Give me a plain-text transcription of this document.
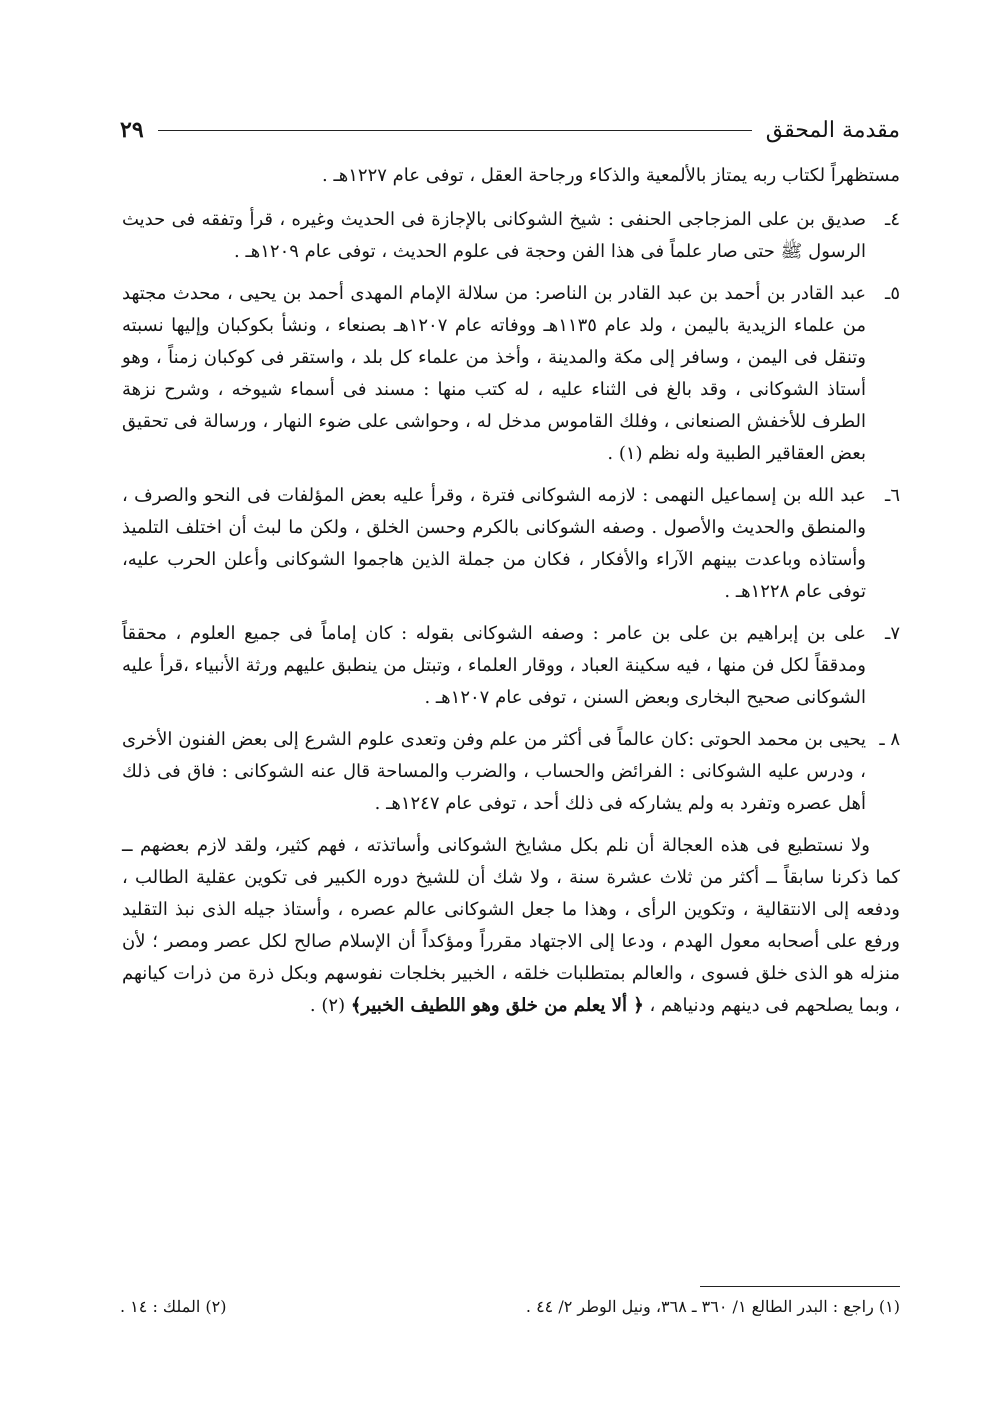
مقدمة المحقق
٢٩

مستظهراً لكتاب ربه يمتاز بالألمعية والذكاء ورجاحة العقل ، توفى عام ١٢٢٧هـ .

٤ـ

صديق بن على المزجاجى الحنفى : شيخ الشوكانى بالإجازة فى الحديث وغيره ، قرأ وتفقه فى حديث الرسول ﷺ حتى صار علماً فى هذا الفن وحجة فى علوم الحديث ، توفى عام ١٢٠٩هـ .

٥ـ

عبد القادر بن أحمد بن عبد القادر بن الناصر: من سلالة الإمام المهدى أحمد بن يحيى ، محدث مجتهد من علماء الزيدية باليمن ، ولد عام ١١٣٥هـ ووفاته عام ١٢٠٧هـ بصنعاء ، ونشأ بكوكبان وإليها نسبته وتنقل فى اليمن ، وسافر إلى مكة والمدينة ، وأخذ من علماء كل بلد ، واستقر فى كوكبان زمناً ، وهو أستاذ الشوكانى ، وقد بالغ فى الثناء عليه ، له كتب منها : مسند فى أسماء شيوخه ، وشرح نزهة الطرف للأخفش الصنعانى ، وفلك القاموس مدخل له ، وحواشى على ضوء النهار ، ورسالة فى تحقيق بعض العقاقير الطبية وله نظم (١) .

٦ـ

عبد الله بن إسماعيل النهمى : لازمه الشوكانى فترة ، وقرأ عليه بعض المؤلفات فى النحو والصرف ، والمنطق والحديث والأصول . وصفه الشوكانى بالكرم وحسن الخلق ، ولكن ما لبث أن اختلف التلميذ وأستاذه وباعدت بينهم الآراء والأفكار ، فكان من جملة الذين هاجموا الشوكانى وأعلن الحرب عليه، توفى عام ١٢٢٨هـ .

٧ـ

على بن إبراهيم بن على بن عامر : وصفه الشوكانى بقوله : كان إماماً فى جميع العلوم ، محققاً ومدققاً لكل فن منها ، فيه سكينة العباد ، ووقار العلماء ، وتبتل من ينطبق عليهم ورثة الأنبياء ،قرأ عليه الشوكانى صحيح البخارى وبعض السنن ، توفى عام ١٢٠٧هـ .

٨ ـ

يحيى بن محمد الحوتى :كان عالماً فى أكثر من علم وفن وتعدى علوم الشرع إلى بعض الفنون الأخرى ، ودرس عليه الشوكانى : الفرائض والحساب ، والضرب والمساحة قال عنه الشوكانى : فاق فى ذلك أهل عصره وتفرد به ولم يشاركه فى ذلك أحد ، توفى عام ١٢٤٧هـ .

ولا نستطيع فى هذه العجالة أن نلم بكل مشايخ الشوكانى وأساتذته ، فهم كثير، ولقد لازم بعضهم ــ كما ذكرنا سابقاً ــ أكثر من ثلاث عشرة سنة ، ولا شك أن للشيخ دوره الكبير فى تكوين عقلية الطالب ، ودفعه إلى الانتقالية ، وتكوين الرأى ، وهذا ما جعل الشوكانى عالم عصره ، وأستاذ جيله الذى نبذ التقليد ورفع على أصحابه معول الهدم ، ودعا إلى الاجتهاد مقرراً ومؤكداً أن الإسلام صالح لكل عصر ومصر ؛ لأن منزله هو الذى خلق فسوى ، والعالم بمتطلبات خلقه ، الخبير بخلجات نفوسهم وبكل ذرة من ذرات كيانهم ، وبما يصلحهم فى دينهم ودنياهم ، ﴿ ألا يعلم من خلق وهو اللطيف الخبير﴾ (٢) .

(١) راجع : البدر الطالع ١/ ٣٦٠ ـ ٣٦٨، ونيل الوطر ٢/ ٤٤ .
(٢) الملك : ١٤ .
